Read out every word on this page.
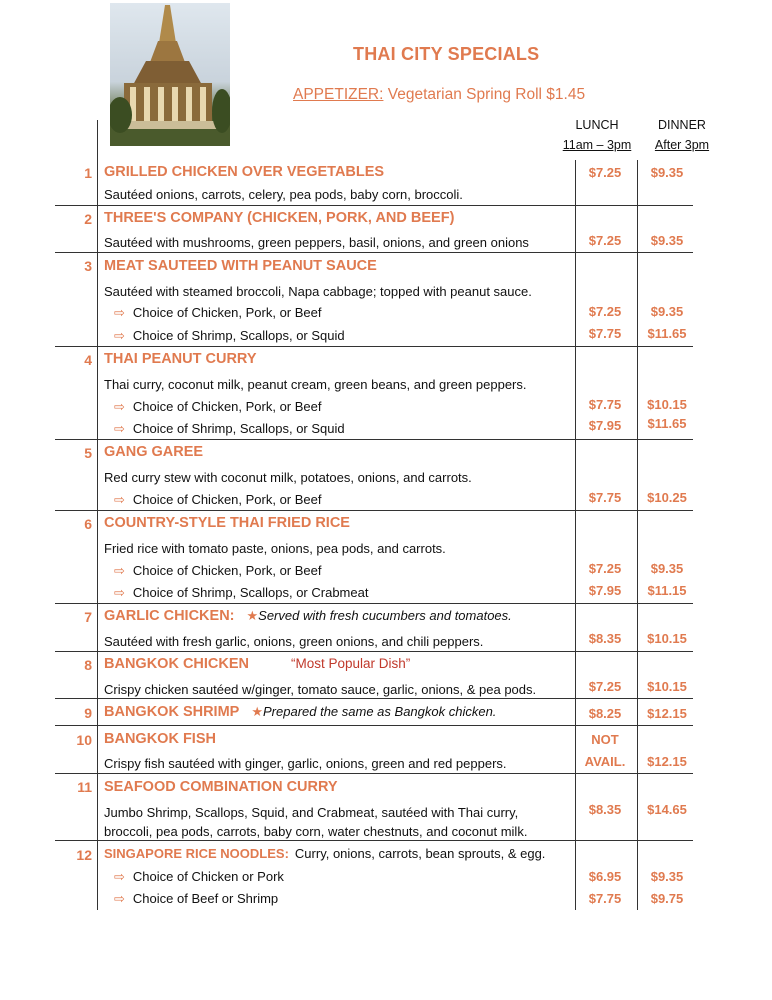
THAI CITY SPECIALS
APPETIZER: Vegetarian Spring Roll $1.45
LUNCH
11am – 3pm
DINNER
After 3pm
1 GRILLED CHICKEN OVER VEGETABLES
Sautéed onions, carrots, celery, pea pods, baby corn, broccoli.
$7.25	$9.35
2 THREE'S COMPANY (CHICKEN, PORK, AND BEEF)
Sautéed with mushrooms, green peppers, basil, onions, and green onions	$7.25	$9.35
3 MEAT SAUTEED WITH PEANUT SAUCE
Sautéed with steamed broccoli, Napa cabbage; topped with peanut sauce.
⇨ Choice of Chicken, Pork, or Beef	$7.25	$9.35
⇨ Choice of Shrimp, Scallops, or Squid	$7.75	$11.65
4 THAI PEANUT CURRY
Thai curry, coconut milk, peanut cream, green beans, and green peppers.
⇨ Choice of Chicken, Pork, or Beef	$7.75	$10.15
⇨ Choice of Shrimp, Scallops, or Squid	$7.95	$11.65
5 GANG GAREE
Red curry stew with coconut milk, potatoes, onions, and carrots.
⇨ Choice of Chicken, Pork, or Beef	$7.75	$10.25
6 COUNTRY-STYLE THAI FRIED RICE
Fried rice with tomato paste, onions, pea pods, and carrots.
⇨ Choice of Chicken, Pork, or Beef	$7.25	$9.35
⇨ Choice of Shrimp, Scallops, or Crabmeat	$7.95	$11.15
7 GARLIC CHICKEN: ★Served with fresh cucumbers and tomatoes.
Sautéed with fresh garlic, onions, green onions, and chili peppers.	$8.35	$10.15
8 BANGKOK CHICKEN	“Most Popular Dish”
Crispy chicken sautéed w/ginger, tomato sauce, garlic, onions, & pea pods.	$7.25	$10.15
9 BANGKOK SHRIMP ★Prepared the same as Bangkok chicken.	$8.25	$12.15
10 BANGKOK FISH
Crispy fish sautéed with ginger, garlic, onions, green and red peppers.
NOT
AVAIL.	$12.15
11 SEAFOOD COMBINATION CURRY
Jumbo Shrimp, Scallops, Squid, and Crabmeat, sautéed with Thai curry,
broccoli, pea pods, carrots, baby corn, water chestnuts, and coconut milk.
$8.35	$14.65
12 SINGAPORE RICE NOODLES: Curry, onions, carrots, bean sprouts, & egg.
⇨ Choice of Chicken or Pork	$6.95	$9.35
⇨ Choice of Beef or Shrimp	$7.75	$9.75
